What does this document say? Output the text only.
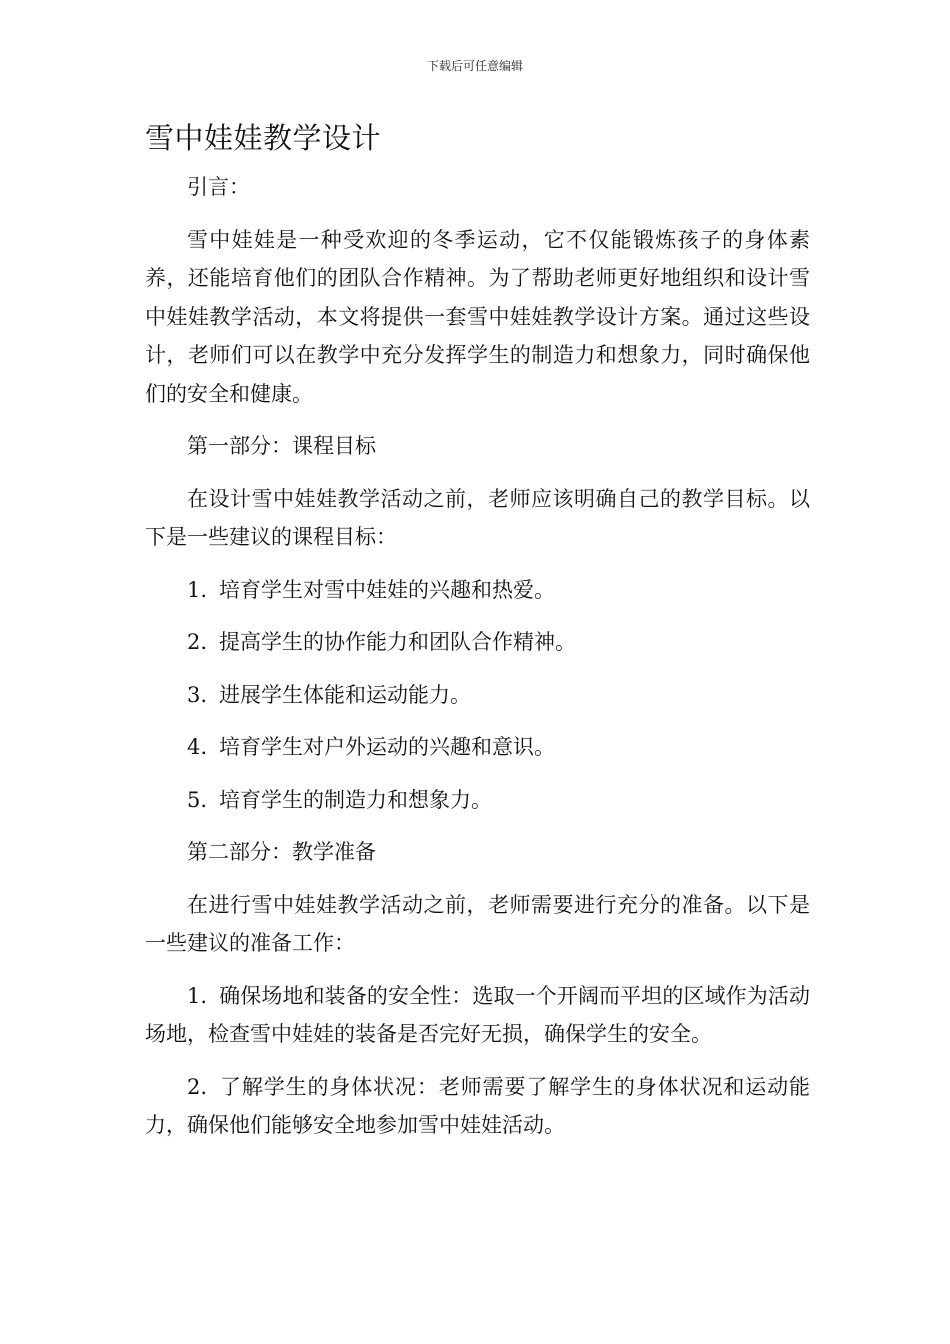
下载后可任意编辑
雪中娃娃教学设计

引言：

雪中娃娃是一种受欢迎的冬季运动，它不仅能锻炼孩子的身体素养，还能培育他们的团队合作精神。为了帮助老师更好地组织和设计雪中娃娃教学活动，本文将提供一套雪中娃娃教学设计方案。通过这些设计，老师们可以在教学中充分发挥学生的制造力和想象力，同时确保他们的安全和健康。

第一部分：课程目标

在设计雪中娃娃教学活动之前，老师应该明确自己的教学目标。以下是一些建议的课程目标：

1. 培育学生对雪中娃娃的兴趣和热爱。

2. 提高学生的协作能力和团队合作精神。

3. 进展学生体能和运动能力。

4. 培育学生对户外运动的兴趣和意识。

5. 培育学生的制造力和想象力。

第二部分：教学准备

在进行雪中娃娃教学活动之前，老师需要进行充分的准备。以下是一些建议的准备工作：

1. 确保场地和装备的安全性：选取一个开阔而平坦的区域作为活动场地，检查雪中娃娃的装备是否完好无损，确保学生的安全。

2. 了解学生的身体状况：老师需要了解学生的身体状况和运动能力，确保他们能够安全地参加雪中娃娃活动。
